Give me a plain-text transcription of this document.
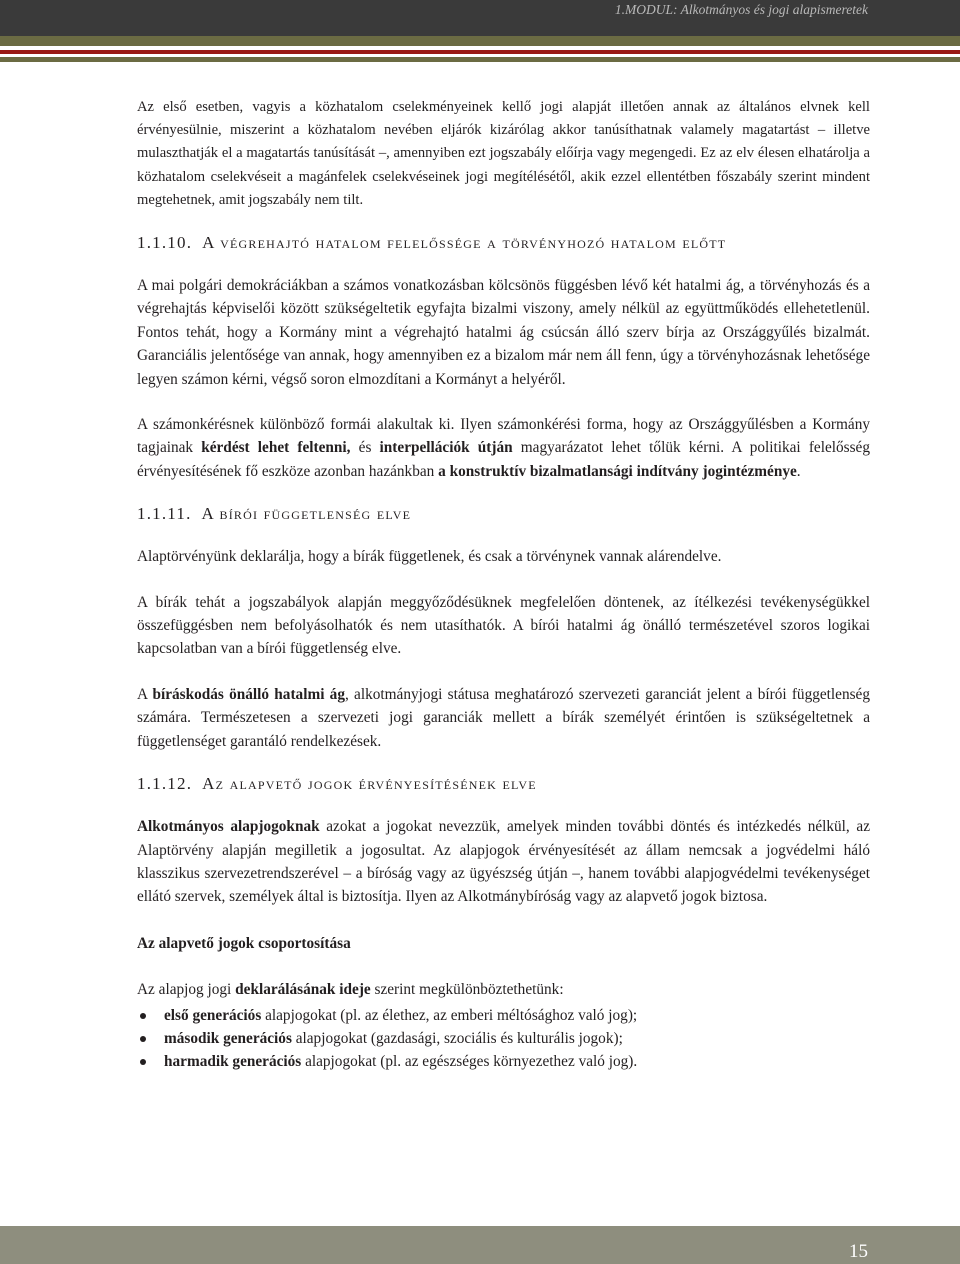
1.MODUL: Alkotmányos és jogi alapismeretek

Az első esetben, vagyis a közhatalom cselekményeinek kellő jogi alapját illetően annak az általános elvnek kell érvényesülnie, miszerint a közhatalom nevében eljárók kizárólag akkor tanúsíthatnak valamely magatartást – illetve mulaszthatják el a magatartás tanúsítását –, amennyiben ezt jogszabály előírja vagy megengedi. Ez az elv élesen elhatárolja a közhatalom cselekvéseit a magánfelek cselekvéseinek jogi megítélésétől, akik ezzel ellentétben főszabály szerint mindent megtehetnek, amit jogszabály nem tilt.

1.1.10. A végrehajtó hatalom felelőssége a törvényhozó hatalom előtt

A mai polgári demokráciákban a számos vonatkozásban kölcsönös függésben lévő két hatalmi ág, a törvényhozás és a végrehajtás képviselői között szükségeltetik egyfajta bizalmi viszony, amely nélkül az együttműködés ellehetetlenül. Fontos tehát, hogy a Kormány mint a végrehajtó hatalmi ág csúcsán álló szerv bírja az Országgyűlés bizalmát. Garanciális jelentősége van annak, hogy amennyiben ez a bizalom már nem áll fenn, úgy a törvényhozásnak lehetősége legyen számon kérni, végső soron elmozdítani a Kormányt a helyéről.

A számonkérésnek különböző formái alakultak ki. Ilyen számonkérési forma, hogy az Országgyűlésben a Kormány tagjainak kérdést lehet feltenni, és interpellációk útján magyarázatot lehet tőlük kérni. A politikai felelősség érvényesítésének fő eszköze azonban hazánkban a konstruktív bizalmatlansági indítvány jogintézménye.

1.1.11. A bírói függetlenség elve

Alaptörvényünk deklarálja, hogy a bírák függetlenek, és csak a törvénynek vannak alárendelve.

A bírák tehát a jogszabályok alapján meggyőződésüknek megfelelően döntenek, az ítélkezési tevékenységükkel összefüggésben nem befolyásolhatók és nem utasíthatók. A bírói hatalmi ág önálló természetével szoros logikai kapcsolatban van a bírói függetlenség elve.

A bíráskodás önálló hatalmi ág, alkotmányjogi státusa meghatározó szervezeti garanciát jelent a bírói függetlenség számára. Természetesen a szervezeti jogi garanciák mellett a bírák személyét érintően is szükségeltetnek a függetlenséget garantáló rendelkezések.

1.1.12. Az alapvető jogok érvényesítésének elve

Alkotmányos alapjogoknak azokat a jogokat nevezzük, amelyek minden további döntés és intézkedés nélkül, az Alaptörvény alapján megilletik a jogosultat. Az alapjogok érvényesítését az állam nemcsak a jogvédelmi háló klasszikus szervezetrendszerével – a bíróság vagy az ügyészség útján –, hanem további alapjogvédelmi tevékenységet ellátó szervek, személyek által is biztosítja. Ilyen az Alkotmánybíróság vagy az alapvető jogok biztosa.

Az alapvető jogok csoportosítása

Az alapjog jogi deklarálásának ideje szerint megkülönböztethetünk:

első generációs alapjogokat (pl. az élethez, az emberi méltósághoz való jog);
második generációs alapjogokat (gazdasági, szociális és kulturális jogok);
harmadik generációs alapjogokat (pl. az egészséges környezethez való jog).
15
